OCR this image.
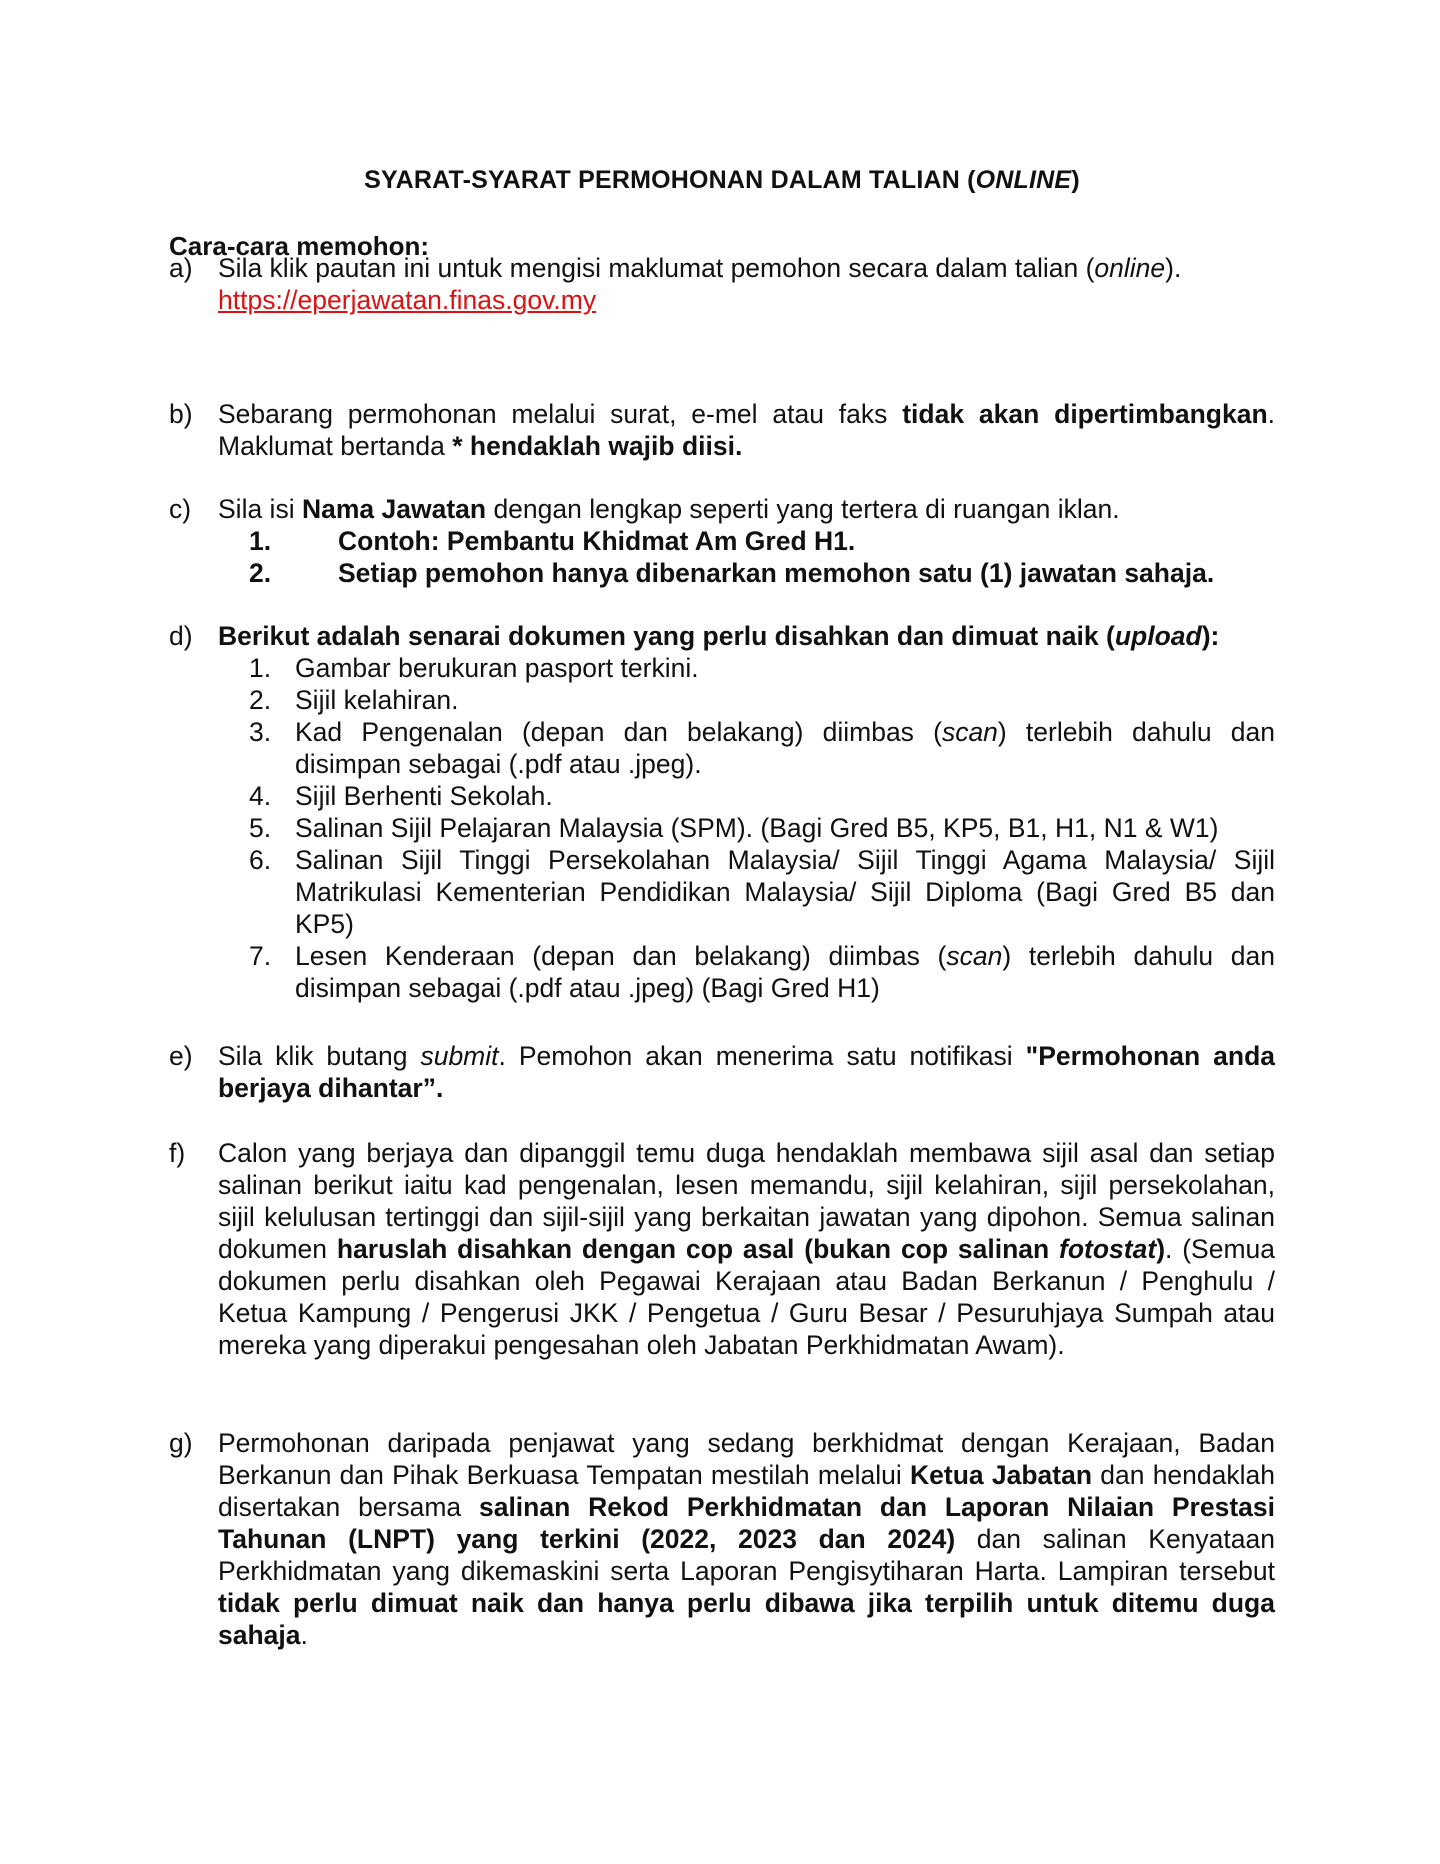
SYARAT-SYARAT PERMOHONAN DALAM TALIAN (ONLINE)
Cara-cara memohon:
a) Sila klik pautan ini untuk mengisi maklumat pemohon secara dalam talian (online).
https://eperjawatan.finas.gov.my
b) Sebarang permohonan melalui surat, e-mel atau faks tidak akan dipertimbangkan. Maklumat bertanda * hendaklah wajib diisi.
c) Sila isi Nama Jawatan dengan lengkap seperti yang tertera di ruangan iklan.
1.	Contoh: Pembantu Khidmat Am Gred H1.
2.	Setiap pemohon hanya dibenarkan memohon satu (1) jawatan sahaja.
d) Berikut adalah senarai dokumen yang perlu disahkan dan dimuat naik (upload):
1. Gambar berukuran pasport terkini.
2. Sijil kelahiran.
3. Kad Pengenalan (depan dan belakang) diimbas (scan) terlebih dahulu dan disimpan sebagai (.pdf atau .jpeg).
4. Sijil Berhenti Sekolah.
5. Salinan Sijil Pelajaran Malaysia (SPM). (Bagi Gred B5, KP5, B1, H1, N1 & W1)
6. Salinan Sijil Tinggi Persekolahan Malaysia/ Sijil Tinggi Agama Malaysia/ Sijil Matrikulasi Kementerian Pendidikan Malaysia/ Sijil Diploma (Bagi Gred B5 dan KP5)
7. Lesen Kenderaan (depan dan belakang) diimbas (scan) terlebih dahulu dan disimpan sebagai (.pdf atau .jpeg) (Bagi Gred H1)
e) Sila klik butang submit. Pemohon akan menerima satu notifikasi "Permohonan anda berjaya dihantar”.
f) Calon yang berjaya dan dipanggil temu duga hendaklah membawa sijil asal dan setiap salinan berikut iaitu kad pengenalan, lesen memandu, sijil kelahiran, sijil persekolahan, sijil kelulusan tertinggi dan sijil-sijil yang berkaitan jawatan yang dipohon. Semua salinan dokumen haruslah disahkan dengan cop asal (bukan cop salinan fotostat). (Semua dokumen perlu disahkan oleh Pegawai Kerajaan atau Badan Berkanun / Penghulu / Ketua Kampung / Pengerusi JKK / Pengetua / Guru Besar / Pesuruhjaya Sumpah atau mereka yang diperakui pengesahan oleh Jabatan Perkhidmatan Awam).
g) Permohonan daripada penjawat yang sedang berkhidmat dengan Kerajaan, Badan Berkanun dan Pihak Berkuasa Tempatan mestilah melalui Ketua Jabatan dan hendaklah disertakan bersama salinan Rekod Perkhidmatan dan Laporan Nilaian Prestasi Tahunan (LNPT) yang terkini (2022, 2023 dan 2024) dan salinan Kenyataan Perkhidmatan yang dikemaskini serta Laporan Pengisytiharan Harta. Lampiran tersebut tidak perlu dimuat naik dan hanya perlu dibawa jika terpilih untuk ditemu duga sahaja.
